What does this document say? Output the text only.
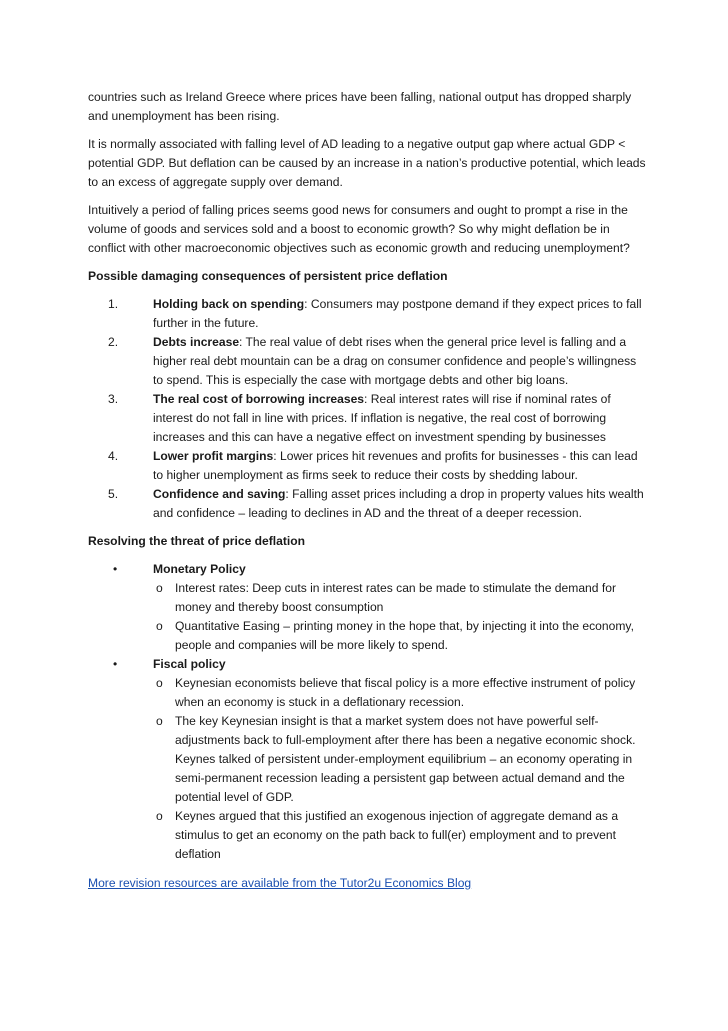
countries such as Ireland Greece where prices have been falling, national output has dropped sharply and unemployment has been rising.

It is normally associated with falling level of AD leading to a negative output gap where actual GDP < potential GDP. But deflation can be caused by an increase in a nation’s productive potential, which leads to an excess of aggregate supply over demand.

Intuitively a period of falling prices seems good news for consumers and ought to prompt a rise in the volume of goods and services sold and a boost to economic growth? So why might deflation be in conflict with other macroeconomic objectives such as economic growth and reducing unemployment?

Possible damaging consequences of persistent price deflation
1.	Holding back on spending: Consumers may postpone demand if they expect prices to fall further in the future.
2.	Debts increase: The real value of debt rises when the general price level is falling and a higher real debt mountain can be a drag on consumer confidence and people’s willingness to spend. This is especially the case with mortgage debts and other big loans.
3.	The real cost of borrowing increases: Real interest rates will rise if nominal rates of interest do not fall in line with prices. If inflation is negative, the real cost of borrowing increases and this can have a negative effect on investment spending by businesses
4.	Lower profit margins: Lower prices hit revenues and profits for businesses - this can lead to higher unemployment as firms seek to reduce their costs by shedding labour.
5.	Confidence and saving: Falling asset prices including a drop in property values hits wealth and confidence – leading to declines in AD and the threat of a deeper recession.
Resolving the threat of price deflation
•	Monetary Policy
o Interest rates: Deep cuts in interest rates can be made to stimulate the demand for money and thereby boost consumption
o Quantitative Easing – printing money in the hope that, by injecting it into the economy, people and companies will be more likely to spend.
•	Fiscal policy
o Keynesian economists believe that fiscal policy is a more effective instrument of policy when an economy is stuck in a deflationary recession.
o The key Keynesian insight is that a market system does not have powerful self-adjustments back to full-employment after there has been a negative economic shock. Keynes talked of persistent under-employment equilibrium – an economy operating in semi-permanent recession leading a persistent gap between actual demand and the potential level of GDP.
o Keynes argued that this justified an exogenous injection of aggregate demand as a stimulus to get an economy on the path back to full(er) employment and to prevent deflation
More revision resources are available from the Tutor2u Economics Blog
